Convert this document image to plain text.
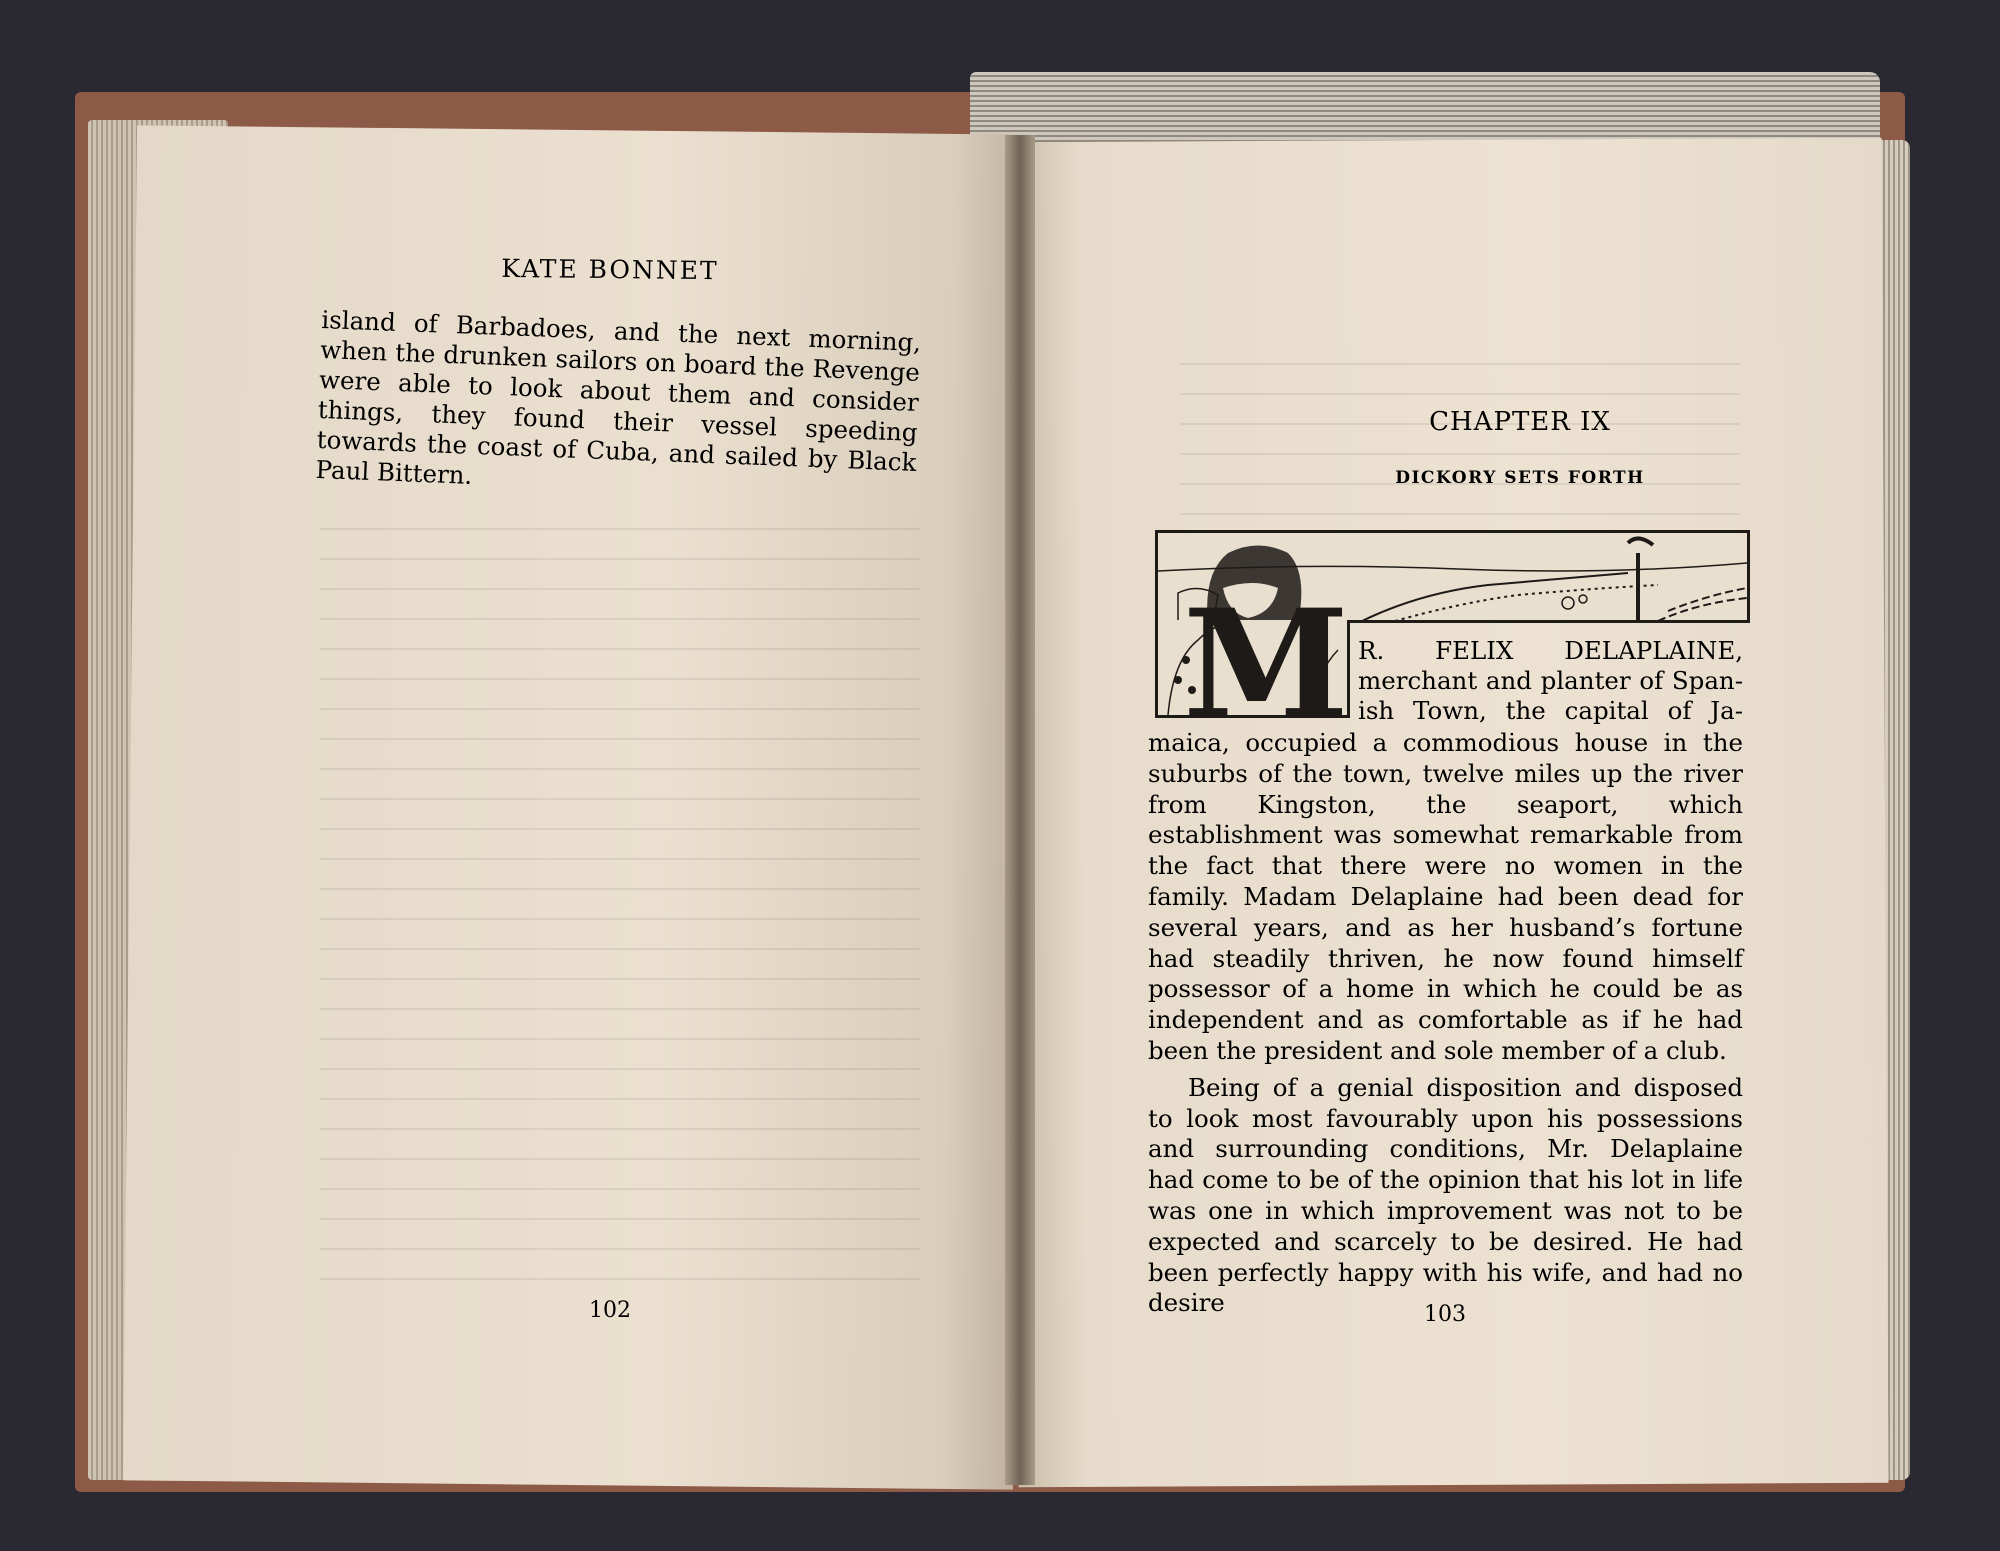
KATE BONNET

island of Barbadoes, and the next morning, when the drunken sailors on board the Revenge were able to look about them and consider things, they found their vessel speeding towards the coast of Cuba, and sailed by Black Paul Bittern.

102
CHAPTER IX
DICKORY SETS FORTH
M R. FELIX DELAPLAINE,
merchant and planter of Span-
ish Town, the capital of Ja-

maica, occupied a commodious house in the suburbs of the town, twelve miles up the river from Kingston, the seaport, which establishment was somewhat remarkable from the fact that there were no women in the family. Madam Delaplaine had been dead for several years, and as her husband’s fortune had steadily thriven, he now found himself possessor of a home in which he could be as independent and as comfortable as if he had been the president and sole member of a club.

Being of a genial disposition and disposed to look most favourably upon his possessions and surrounding conditions, Mr. Delaplaine had come to be of the opinion that his lot in life was one in which improvement was not to be expected and scarcely to be desired. He had been perfectly happy with his wife, and had no desire	103
